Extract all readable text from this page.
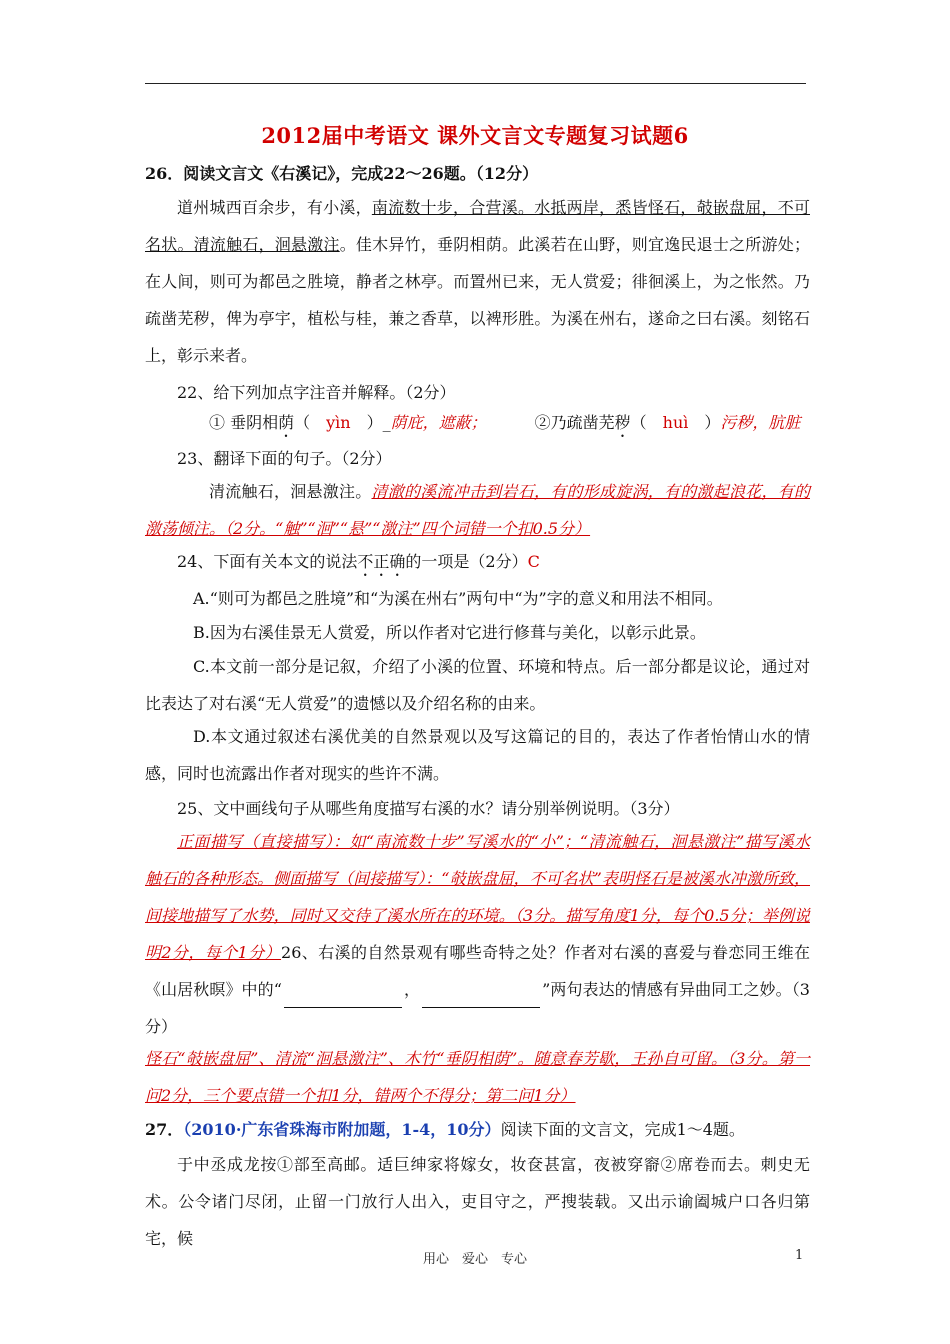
2012届中考语文 课外文言文专题复习试题6
26．阅读文言文《右溪记》，完成22～26题。（12分）
道州城西百余步，有小溪，南流数十步，合营溪。水抵两岸，悉皆怪石，攲嵌盘屈，不可名状。清流触石，洄悬激注。佳木异竹，垂阴相荫。此溪若在山野，则宜逸民退士之所游处；在人间，则可为都邑之胜境，静者之林亭。而置州已来，无人赏爱；徘徊溪上，为之怅然。乃疏凿芜秽，俾为亭宇，植松与桂，兼之香草，以裨形胜。为溪在州右，遂命之曰右溪。刻铭石上，彰示来者。
22、给下列加点字注音并解释。（2分）
① 垂阴相荫（ yìn ）_荫庇，遮蔽；	②乃疏凿芜秽（ huì ）污秽，肮脏
23、翻译下面的句子。（2分）
清流触石，洄悬激注。清澈的溪流冲击到岩石，有的形成旋涡，有的激起浪花，有的激荡倾注。（2分。“触”“洄”“悬”“激注”四个词错一个扣0.5分）
24、下面有关本文的说法不正确的一项是（2分）C
A.“则可为都邑之胜境”和“为溪在州右”两句中“为”字的意义和用法不相同。
B.因为右溪佳景无人赏爱，所以作者对它进行修葺与美化，以彰示此景。
C.本文前一部分是记叙，介绍了小溪的位置、环境和特点。后一部分都是议论，通过对比表达了对右溪“无人赏爱”的遗憾以及介绍名称的由来。
D.本文通过叙述右溪优美的自然景观以及写这篇记的目的，表达了作者怡情山水的情感，同时也流露出作者对现实的些许不满。
25、文中画线句子从哪些角度描写右溪的水？请分别举例说明。（3分）
正面描写（直接描写）：如“南流数十步”写溪水的“小”；“清流触石，洄悬激注”描写溪水触石的各种形态。侧面描写（间接描写）：“攲嵌盘屈，不可名状”表明怪石是被溪水冲激所致，间接地描写了水势，同时又交待了溪水所在的环境。（3分。描写角度1分，每个0.5分；举例说明2分，每个1分）26、右溪的自然景观有哪些奇特之处？作者对右溪的喜爱与眷恋同王维在《山居秋暝》中的“	，	”两句表达的情感有异曲同工之妙。（3分）
怪石“攲嵌盘屈”、清流“洄悬激注”、木竹“垂阴相荫”。随意春芳歇，王孙自可留。（3分。第一问2分，三个要点错一个扣1分，错两个不得分；第二问1分）
27．（2010·广东省珠海市附加题，1-4，10分）阅读下面的文言文，完成1～4题。
于中丞成龙按①部至高邮。适巨绅家将嫁女，妆奁甚富，夜被穿窬②席卷而去。刺史无术。公令诸门尽闭，止留一门放行人出入，吏目守之，严搜装载。又出示谕阖城户口各归第宅，候
用心　爱心　专心	1
